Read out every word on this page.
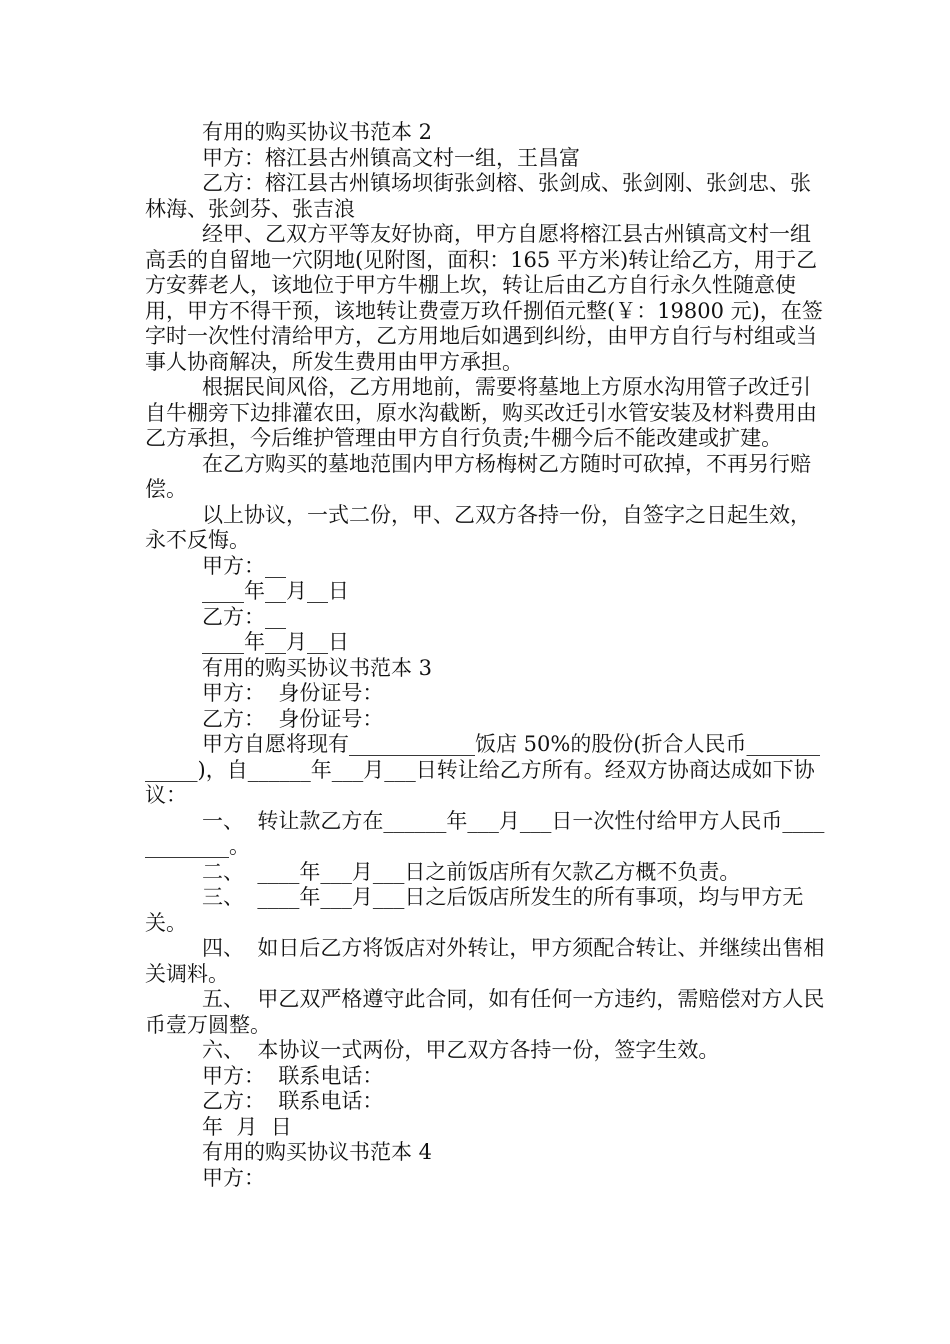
有用的购买协议书范本 2

甲方：榕江县古州镇高文村一组，王昌富

乙方：榕江县古州镇场坝街张剑榕、张剑成、张剑刚、张剑忠、张林海、张剑芬、张吉浪

经甲、乙双方平等友好协商，甲方自愿将榕江县古州镇高文村一组高丢的自留地一穴阴地(见附图，面积：165 平方米)转让给乙方，用于乙方安葬老人，该地位于甲方牛棚上坎，转让后由乙方自行永久性随意使用，甲方不得干预，该地转让费壹万玖仟捌佰元整(￥：19800 元)，在签字时一次性付清给甲方，乙方用地后如遇到纠纷，由甲方自行与村组或当事人协商解决，所发生费用由甲方承担。

根据民间风俗，乙方用地前，需要将墓地上方原水沟用管子改迁引自牛棚旁下边排灌农田，原水沟截断，购买改迁引水管安装及材料费用由乙方承担，今后维护管理由甲方自行负责;牛棚今后不能改建或扩建。

在乙方购买的墓地范围内甲方杨梅树乙方随时可砍掉，不再另行赔偿。

以上协议，一式二份，甲、乙双方各持一份，自签字之日起生效，永不反悔。

甲方：__

____年__月__日

乙方：__

____年__月__日

有用的购买协议书范本 3

甲方：  身份证号：

乙方：  身份证号：

甲方自愿将现有____________饭店 50%的股份(折合人民币____________)，自______年___月___日转让给乙方所有。经双方协商达成如下协议：

一、  转让款乙方在______年___月___日一次性付给甲方人民币____________。

二、  ____年___月___日之前饭店所有欠款乙方概不负责。

三、  ____年___月___日之后饭店所发生的所有事项，均与甲方无关。

四、  如日后乙方将饭店对外转让，甲方须配合转让、并继续出售相关调料。

五、  甲乙双严格遵守此合同，如有任何一方违约，需赔偿对方人民币壹万圆整。

六、  本协议一式两份，甲乙双方各持一份，签字生效。

甲方：  联系电话：

乙方：  联系电话：

年  月  日

有用的购买协议书范本 4

甲方：
